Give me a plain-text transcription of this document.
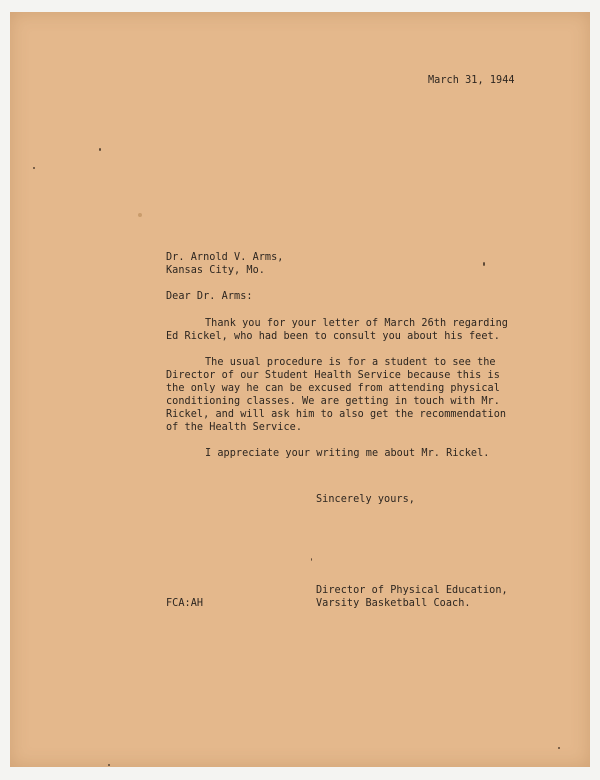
March 31, 1944

Dr. Arnold V. Arms,

Kansas City, Mo.

Dear Dr. Arms:

Thank you for your letter of March 26th regarding

Ed Rickel, who had been to consult you about his feet.

The usual procedure is for a student to see the

Director of our Student Health Service because this is

the only way he can be excused from attending physical

conditioning classes. We are getting in touch with Mr.

Rickel, and will ask him to also get the recommendation

of the Health Service.

I appreciate your writing me about Mr. Rickel.

Sincerely yours,

FCA:AH

Director of Physical Education,

Varsity Basketball Coach.
